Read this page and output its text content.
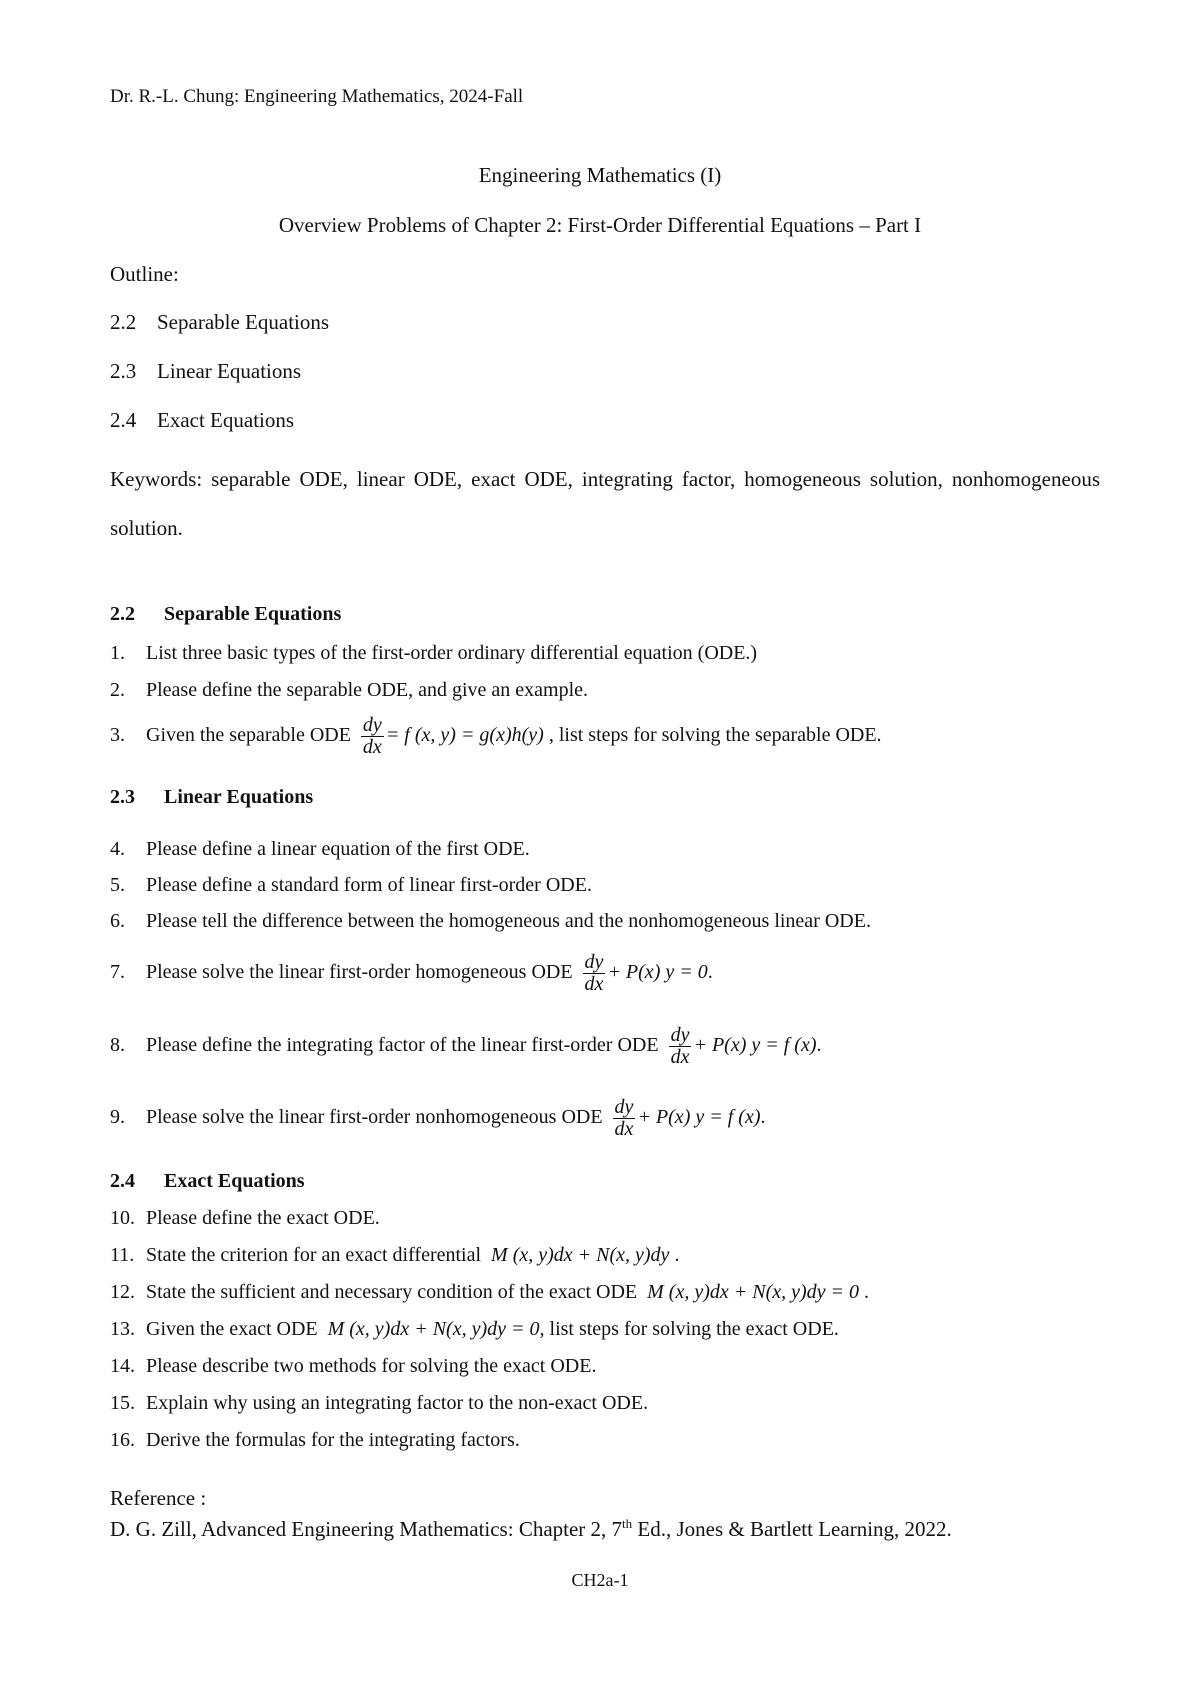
Dr. R.-L. Chung: Engineering Mathematics, 2024-Fall
Engineering Mathematics (I)
Overview Problems of Chapter 2: First-Order Differential Equations – Part I
Outline:
2.2 Separable Equations
2.3 Linear Equations
2.4 Exact Equations
Keywords: separable ODE, linear ODE, exact ODE, integrating factor, homogeneous solution, nonhomogeneous solution.
2.2 Separable Equations
1. List three basic types of the first-order ordinary differential equation (ODE.)
2. Please define the separable ODE, and give an example.
3. Given the separable ODE $\frac{dy}{dx} = f$ (x, y) = g(x)h(y) , list steps for solving the separable ODE.
2.3 Linear Equations
4. Please define a linear equation of the first ODE.
5. Please define a standard form of linear first-order ODE.
6. Please tell the difference between the homogeneous and the nonhomogeneous linear ODE.
7. Please solve the linear first-order homogeneous ODE $\frac{dy}{dx} + P(x) y = 0$.
8. Please define the integrating factor of the linear first-order ODE $\frac{dy}{dx} + P(x) y = f$ (x).
9. Please solve the linear first-order nonhomogeneous ODE $\frac{dy}{dx} + P(x) y = f$ (x).
2.4 Exact Equations
10. Please define the exact ODE.
11. State the criterion for an exact differential M (x, y)dx + N(x, y)dy .
12. State the sufficient and necessary condition of the exact ODE M (x, y)dx + N(x, y)dy = 0 .
13. Given the exact ODE M (x, y)dx + N(x, y)dy = 0, list steps for solving the exact ODE.
14. Please describe two methods for solving the exact ODE.
15. Explain why using an integrating factor to the non-exact ODE.
16. Derive the formulas for the integrating factors.
Reference :
D. G. Zill, Advanced Engineering Mathematics: Chapter 2, 7th Ed., Jones & Bartlett Learning, 2022.
CH2a-1
